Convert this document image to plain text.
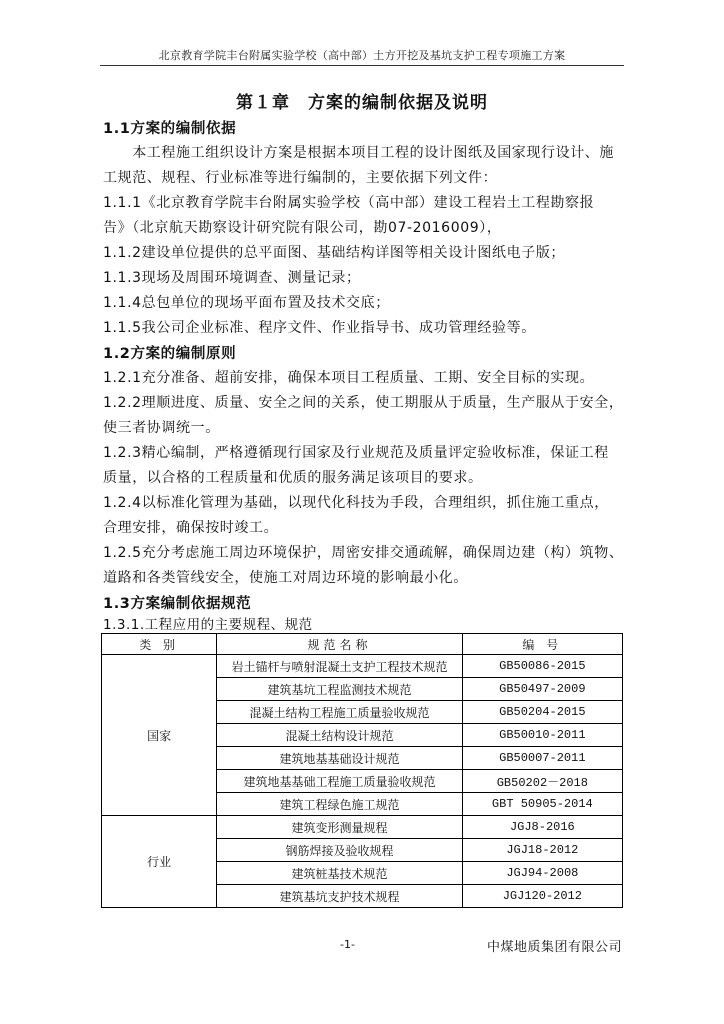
北京教育学院丰台附属实验学校（高中部）土方开挖及基坑支护工程专项施工方案
第１章　方案的编制依据及说明
1.1方案的编制依据
　　本工程施工组织设计方案是根据本项目工程的设计图纸及国家现行设计、施
工规范、规程、行业标准等进行编制的，主要依据下列文件：
1.1.1《北京教育学院丰台附属实验学校（高中部）建设工程岩土工程勘察报
告》（北京航天勘察设计研究院有限公司，勘07-2016009），
1.1.2建设单位提供的总平面图、基础结构详图等相关设计图纸电子版；
1.1.3现场及周围环境调查、测量记录；
1.1.4总包单位的现场平面布置及技术交底；
1.1.5我公司企业标准、程序文件、作业指导书、成功管理经验等。
1.2方案的编制原则
1.2.1充分准备、超前安排，确保本项目工程质量、工期、安全目标的实现。
1.2.2理顺进度、质量、安全之间的关系，使工期服从于质量，生产服从于安全，
使三者协调统一。
1.2.3精心编制，严格遵循现行国家及行业规范及质量评定验收标准，保证工程
质量，以合格的工程质量和优质的服务满足该项目的要求。
1.2.4以标准化管理为基础，以现代化科技为手段，合理组织，抓住施工重点，
合理安排，确保按时竣工。
1.2.5充分考虑施工周边环境保护，周密安排交通疏解，确保周边建（构）筑物、
道路和各类管线安全，使施工对周边环境的影响最小化。
1.3方案编制依据规范
1.3.1.工程应用的主要规程、规范
类 别	规范名称	编 号
国家	岩土锚杆与喷射混凝土支护工程技术规范	GB50086-2015
	建筑基坑工程监测技术规范	GB50497-2009
	混凝土结构工程施工质量验收规范	GB50204-2015
	混凝土结构设计规范	GB50010-2011
	建筑地基基础设计规范	GB50007-2011
	建筑地基基础工程施工质量验收规范	GB50202－2018
	建筑工程绿色施工规范	GBT 50905-2014
行业	建筑变形测量规程	JGJ8-2016
	钢筋焊接及验收规程	JGJ18-2012
	建筑桩基技术规范	JGJ94-2008
	建筑基坑支护技术规程	JGJ120-2012
-1-	中煤地质集团有限公司
